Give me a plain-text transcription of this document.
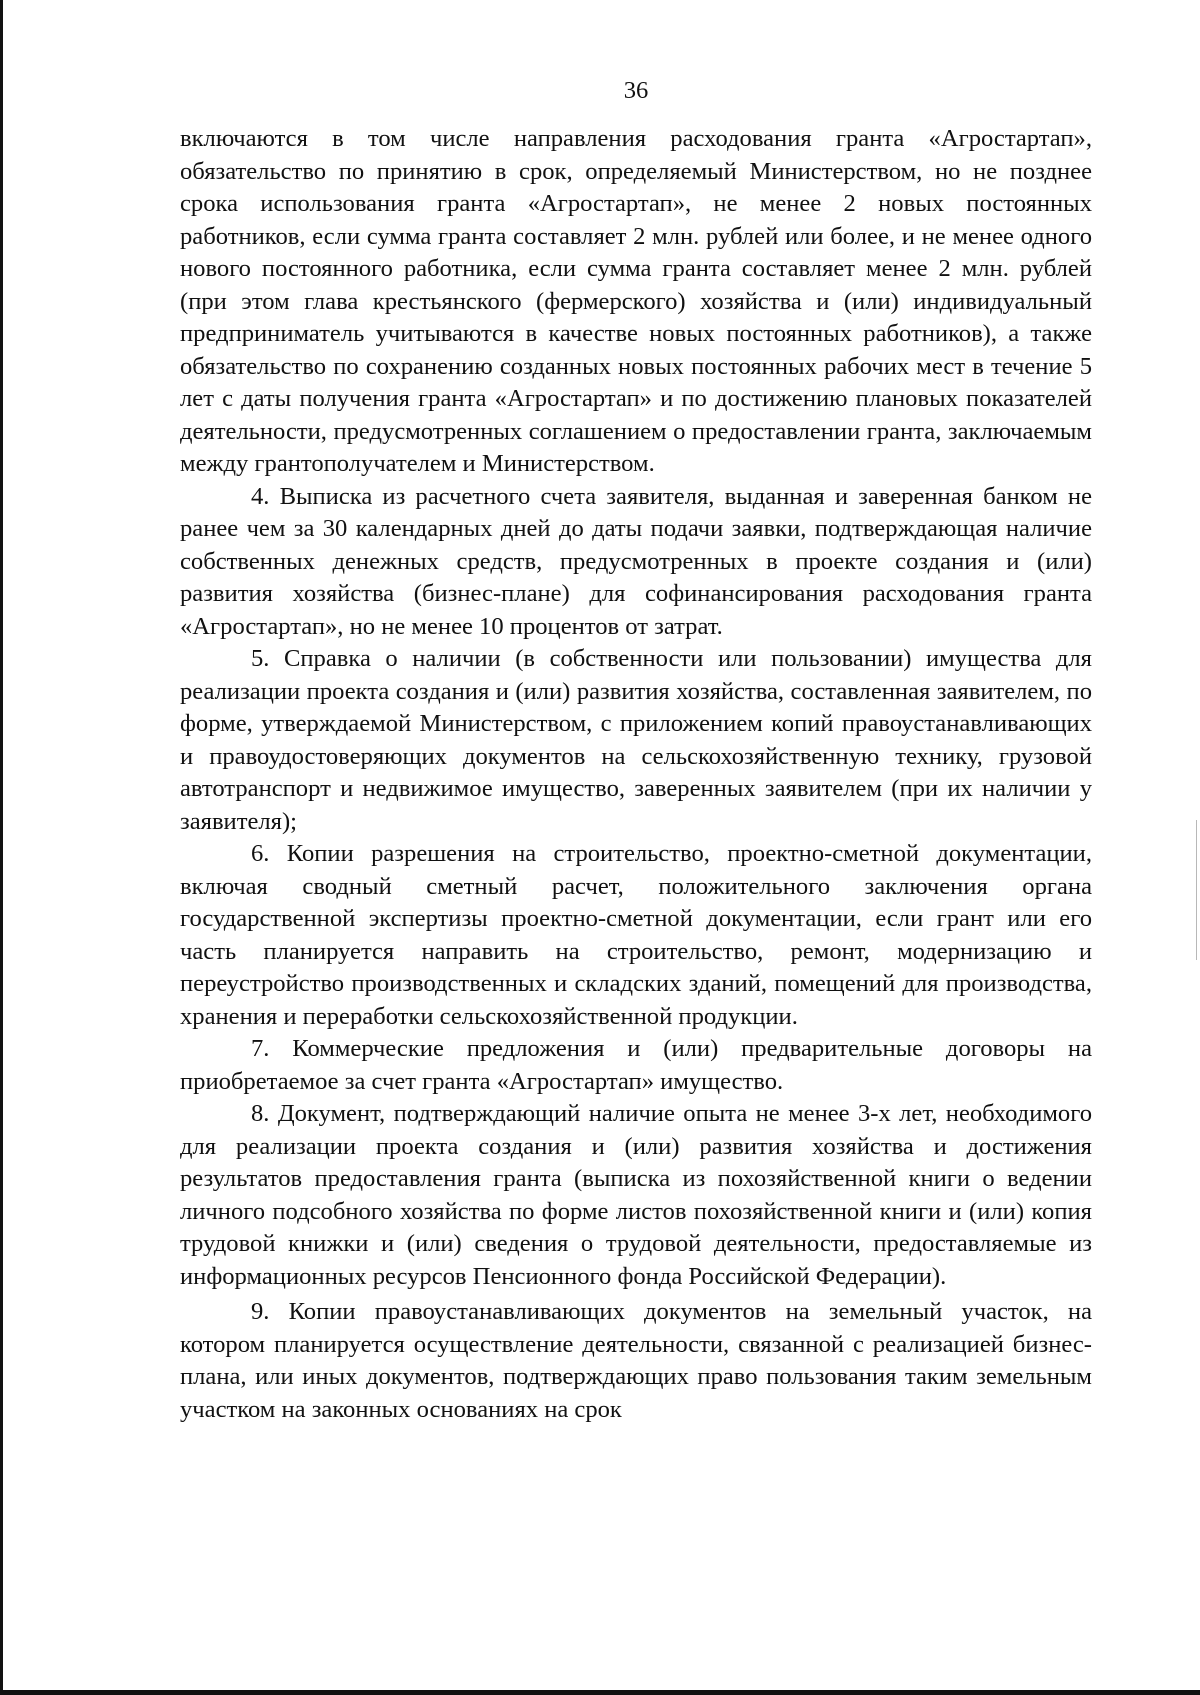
36

включаются в том числе направления расходования гранта «Агростартап», обязательство по принятию в срок, определяемый Министерством, но не позднее срока использования гранта «Агростартап», не менее 2 новых постоянных работников, если сумма гранта составляет 2 млн. рублей или более, и не менее одного нового постоянного работника, если сумма гранта составляет менее 2 млн. рублей (при этом глава крестьянского (фермерского) хозяйства и (или) индивидуальный предприниматель учитываются в качестве новых постоянных работников), а также обязательство по сохранению созданных новых постоянных рабочих мест в течение 5 лет с даты получения гранта «Агростартап» и по достижению плановых показателей деятельности, предусмотренных соглашением о предоставлении гранта, заключаемым между грантополучателем и Министерством.

4. Выписка из расчетного счета заявителя, выданная и заверенная банком не ранее чем за 30 календарных дней до даты подачи заявки, подтверждающая наличие собственных денежных средств, предусмотренных в проекте создания и (или) развития хозяйства (бизнес-плане) для софинансирования расходования гранта «Агростартап», но не менее 10 процентов от затрат.

5. Справка о наличии (в собственности или пользовании) имущества для реализации проекта создания и (или) развития хозяйства, составленная заявителем, по форме, утверждаемой Министерством, с приложением копий правоустанавливающих и правоудостоверяющих документов на сельскохозяйственную технику, грузовой автотранспорт и недвижимое имущество, заверенных заявителем (при их наличии у заявителя);

6. Копии разрешения на строительство, проектно-сметной документации, включая сводный сметный расчет, положительного заключения органа государственной экспертизы проектно-сметной документации, если грант или его часть планируется направить на строительство, ремонт, модернизацию и переустройство производственных и складских зданий, помещений для производства, хранения и переработки сельскохозяйственной продукции.

7. Коммерческие предложения и (или) предварительные договоры на приобретаемое за счет гранта «Агростартап» имущество.

8. Документ, подтверждающий наличие опыта не менее 3-х лет, необходимого для реализации проекта создания и (или) развития хозяйства и достижения результатов предоставления гранта (выписка из похозяйственной книги о ведении личного подсобного хозяйства по форме листов похозяйственной книги и (или) копия трудовой книжки и (или) сведения о трудовой деятельности, предоставляемые из информационных ресурсов Пенсионного фонда Российской Федерации).

9. Копии правоустанавливающих документов на земельный участок, на котором планируется осуществление деятельности, связанной с реализацией бизнес-плана, или иных документов, подтверждающих право пользования таким земельным участком на законных основаниях на срок
